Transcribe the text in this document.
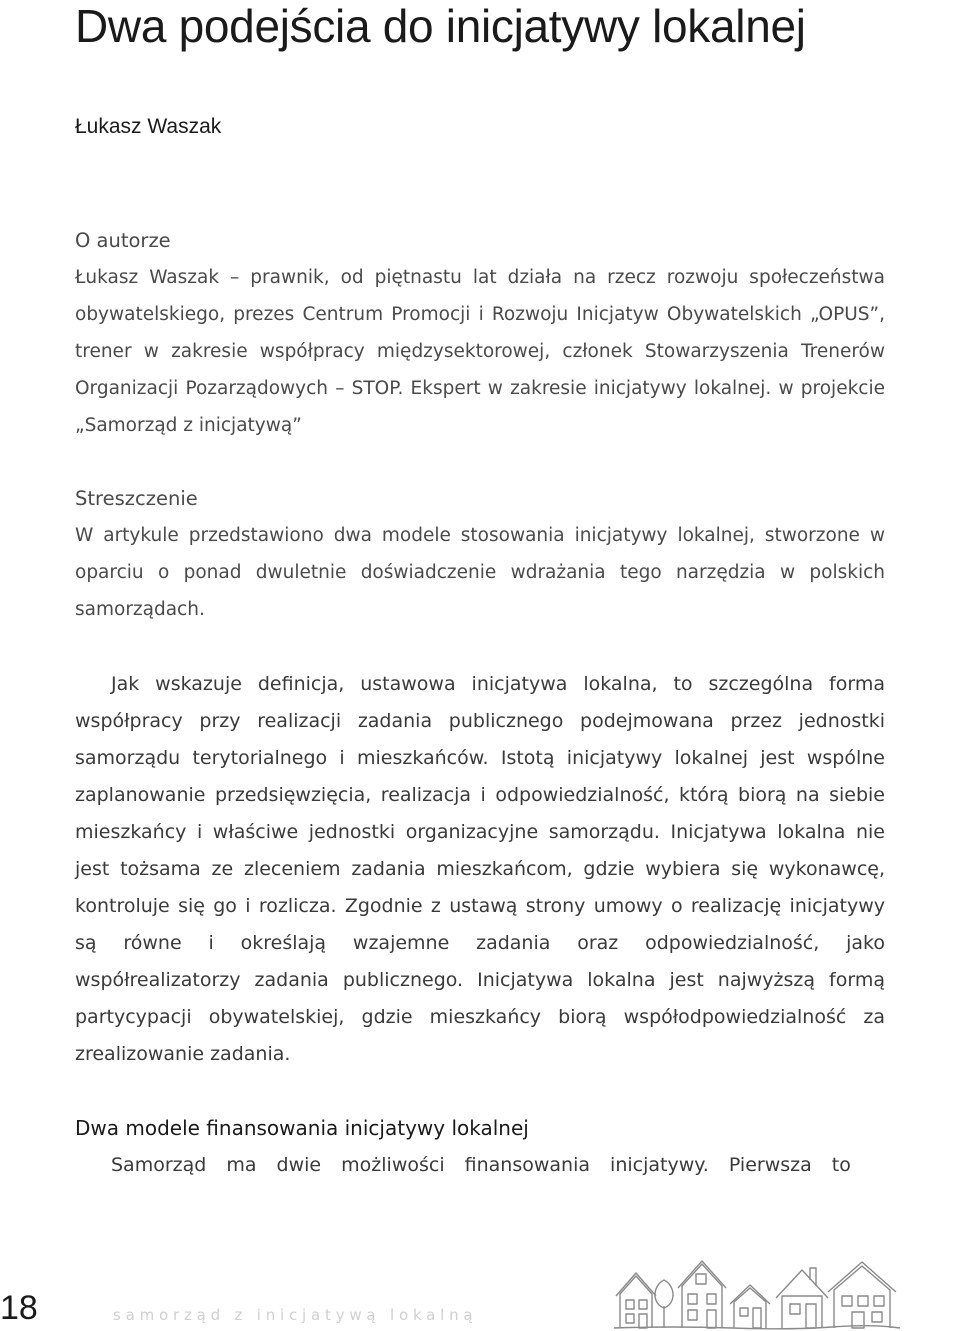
Dwa podejścia do inicjatywy lokalnej
Łukasz Waszak
O autorze

Łukasz Waszak – prawnik, od piętnastu lat działa na rzecz rozwoju społeczeństwa obywatelskiego, prezes Centrum Promocji i Rozwoju Inicjatyw Obywatelskich „OPUS”, trener w zakresie współpracy międzysektorowej, członek Stowarzyszenia Trenerów Organizacji Pozarządowych – STOP. Ekspert w zakresie inicjatywy lokalnej. w projekcie „Samorząd z inicjatywą”

Streszczenie

W artykule przedstawiono dwa modele stosowania inicjatywy lokalnej, stworzone w oparciu o ponad dwuletnie doświadczenie wdrażania tego narzędzia w polskich samorządach.

Jak wskazuje definicja, ustawowa inicjatywa lokalna, to szczególna forma współpracy przy realizacji zadania publicznego podejmowana przez jednostki samorządu terytorialnego i mieszkańców. Istotą inicjatywy lokalnej jest wspólne zaplanowanie przedsięwzięcia, realizacja i odpowiedzialność, którą biorą na siebie mieszkańcy i właściwe jednostki organizacyjne samorządu. Inicjatywa lokalna nie jest tożsama ze zleceniem zadania mieszkańcom, gdzie wybiera się wykonawcę, kontroluje się go i rozlicza. Zgodnie z ustawą strony umowy o realizację inicjatywy są równe i określają wzajemne zadania oraz odpowiedzialność, jako współrealizatorzy zadania publicznego. Inicjatywa lokalna jest najwyższą formą partycypacji obywatelskiej, gdzie mieszkańcy biorą współodpowiedzialność za zrealizowanie zadania.

Dwa modele finansowania inicjatywy lokalnej

Samorząd ma dwie możliwości finansowania inicjatywy. Pierwsza to

18	samorząd z inicjatywą lokalną
